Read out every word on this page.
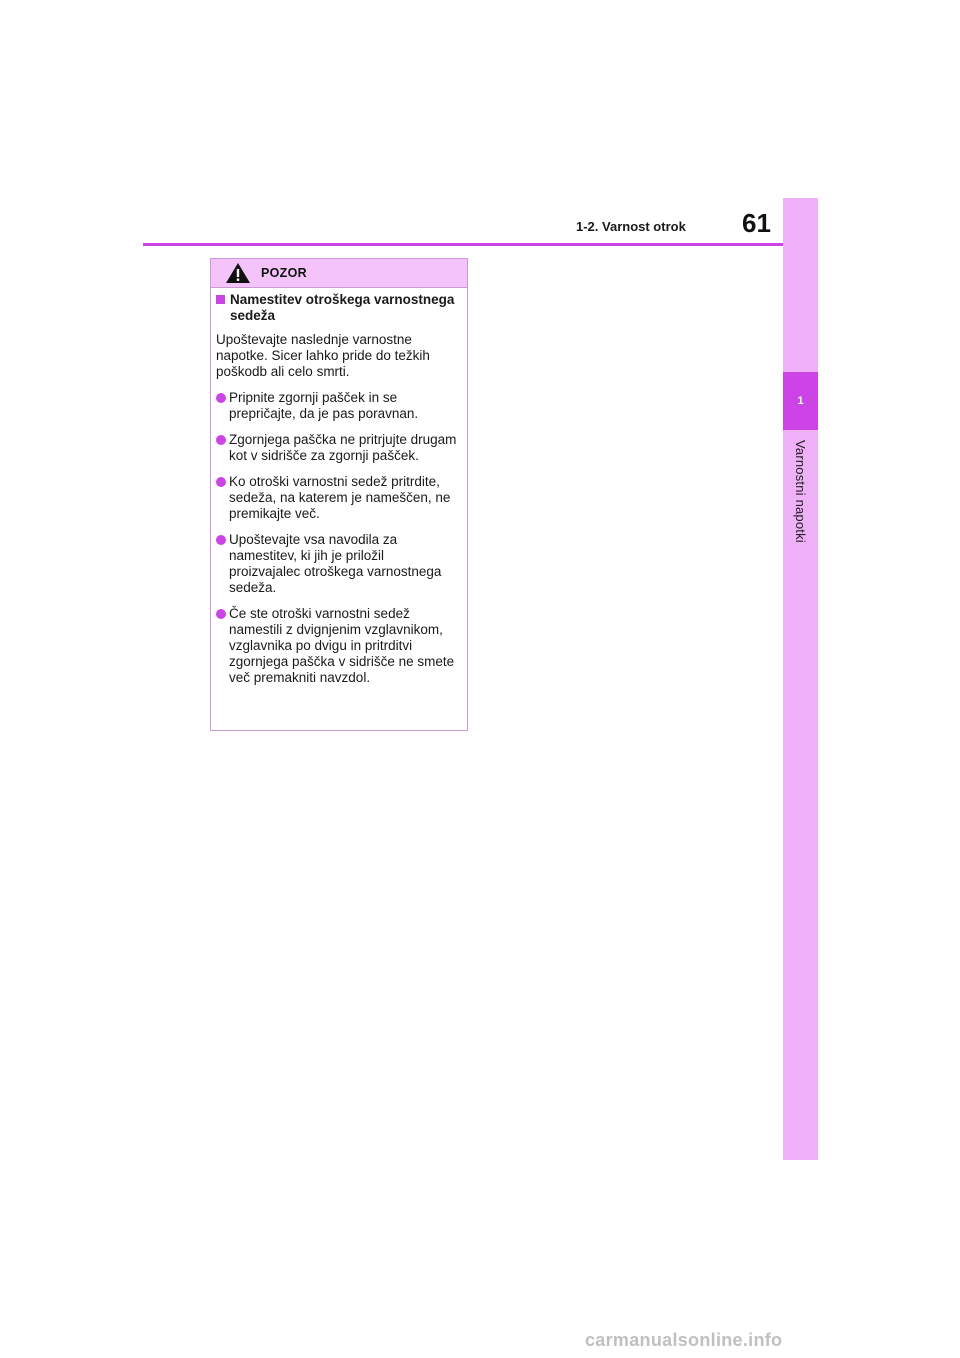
1
Varnostni napotki
1-2. Varnost otrok 61
POZOR
Namestitev otroškega varnostnega sedeža
Upoštevajte naslednje varnostne napotke. Sicer lahko pride do težkih poškodb ali celo smrti.
Pripnite zgornji pašček in se prepričajte, da je pas poravnan.
Zgornjega paščka ne pritrjujte drugam kot v sidrišče za zgornji pašček.
Ko otroški varnostni sedež pritrdite, sedeža, na katerem je nameščen, ne premikajte več.
Upoštevajte vsa navodila za namestitev, ki jih je priložil proizvajalec otroškega varnostnega sedeža.
Če ste otroški varnostni sedež namestili z dvignjenim vzglavnikom, vzglavnika po dvigu in pritrditvi zgornjega paščka v sidrišče ne smete več premakniti navzdol.
carmanualsonline.info
